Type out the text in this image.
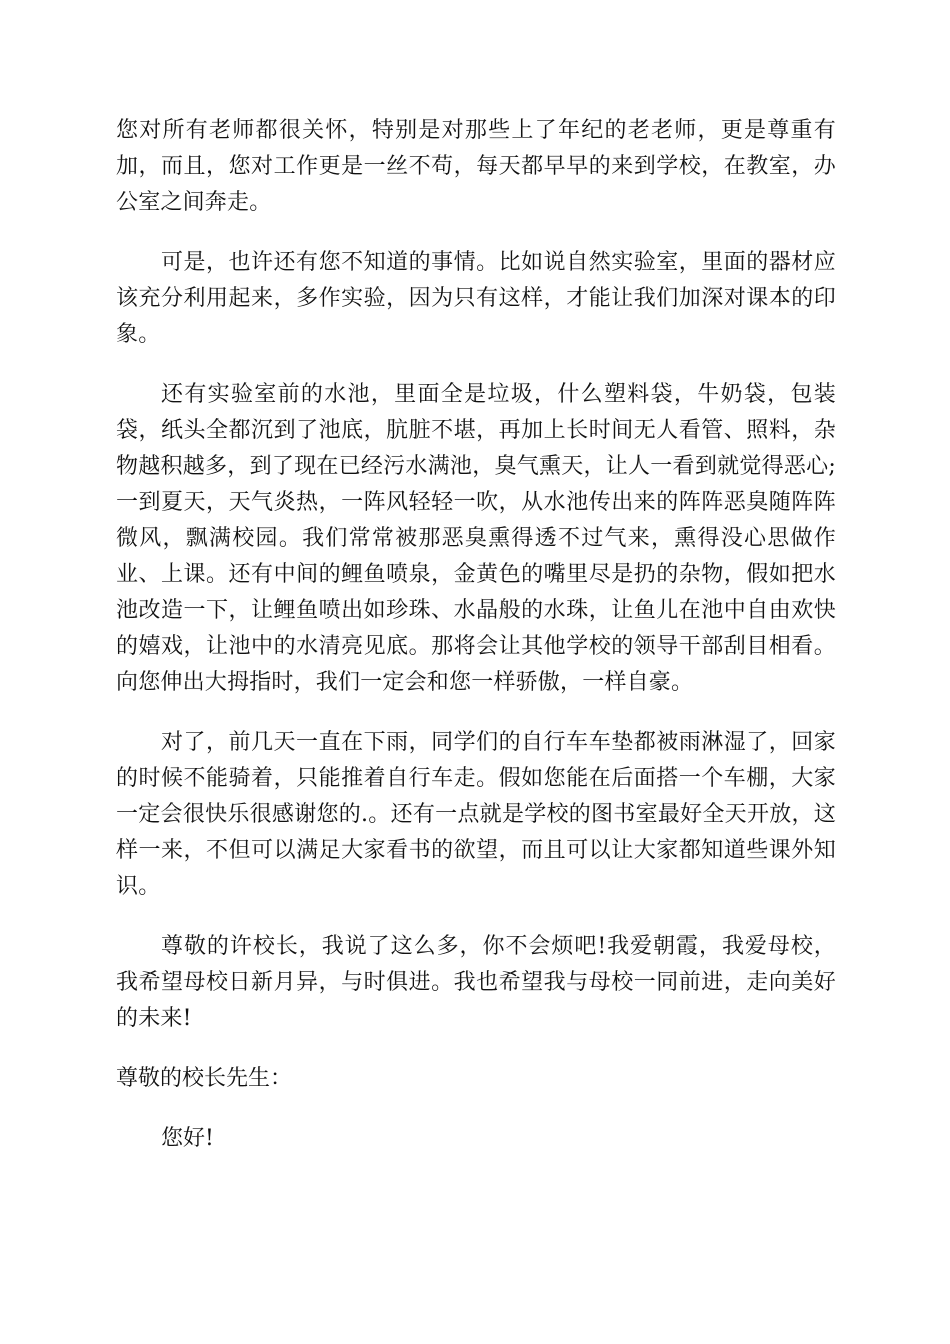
您对所有老师都很关怀，特别是对那些上了年纪的老老师，更是尊重有加，而且，您对工作更是一丝不苟，每天都早早的来到学校，在教室，办公室之间奔走。

可是，也许还有您不知道的事情。比如说自然实验室，里面的器材应该充分利用起来，多作实验，因为只有这样，才能让我们加深对课本的印象。

还有实验室前的水池，里面全是垃圾，什么塑料袋，牛奶袋，包装袋，纸头全都沉到了池底，肮脏不堪，再加上长时间无人看管、照料，杂物越积越多，到了现在已经污水满池，臭气熏天，让人一看到就觉得恶心;一到夏天，天气炎热，一阵风轻轻一吹，从水池传出来的阵阵恶臭随阵阵微风，飘满校园。我们常常被那恶臭熏得透不过气来，熏得没心思做作业、上课。还有中间的鲤鱼喷泉，金黄色的嘴里尽是扔的杂物，假如把水池改造一下，让鲤鱼喷出如珍珠、水晶般的水珠，让鱼儿在池中自由欢快的嬉戏，让池中的水清亮见底。那将会让其他学校的领导干部刮目相看。向您伸出大拇指时，我们一定会和您一样骄傲，一样自豪。

对了，前几天一直在下雨，同学们的自行车车垫都被雨淋湿了，回家的时候不能骑着，只能推着自行车走。假如您能在后面搭一个车棚，大家一定会很快乐很感谢您的.。还有一点就是学校的图书室最好全天开放，这样一来，不但可以满足大家看书的欲望，而且可以让大家都知道些课外知识。

尊敬的许校长，我说了这么多，你不会烦吧!我爱朝霞，我爱母校，我希望母校日新月异，与时俱进。我也希望我与母校一同前进，走向美好的未来!

尊敬的校长先生：

您好!
